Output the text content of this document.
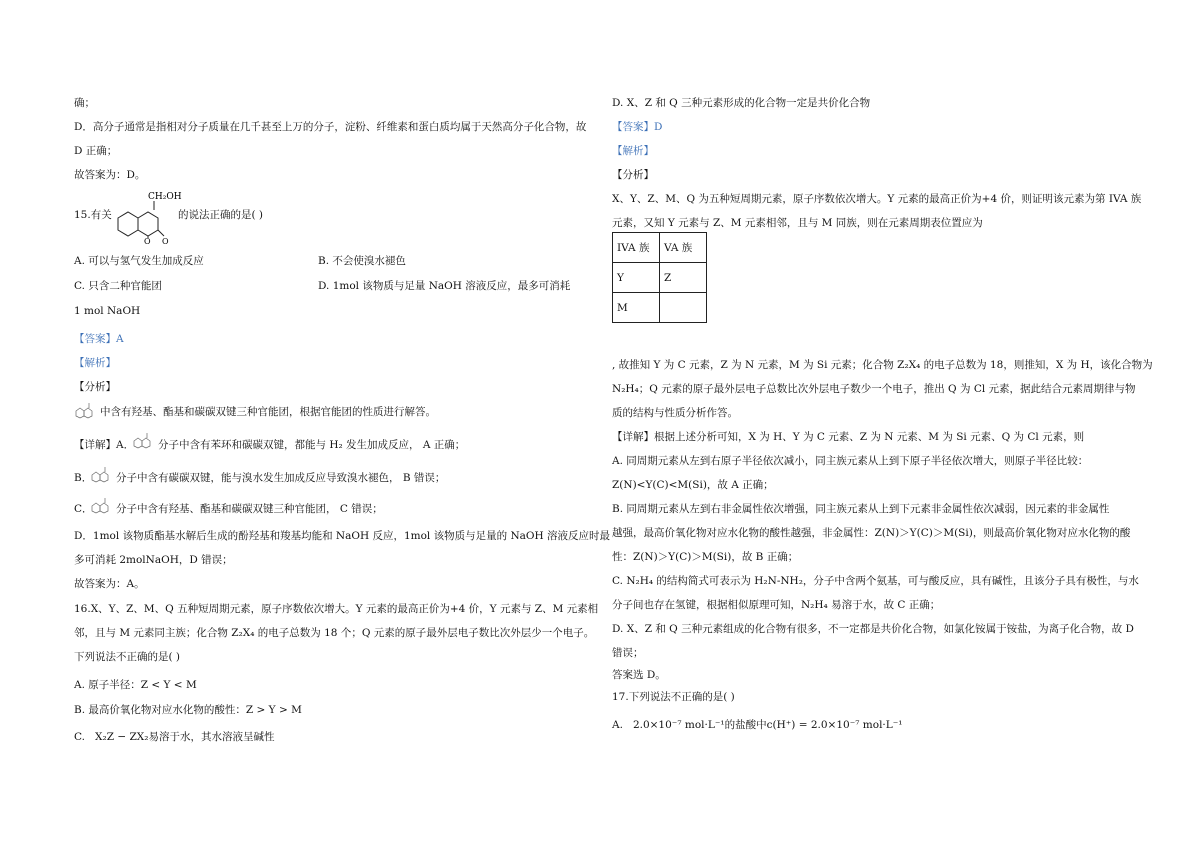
确；
D．高分子通常是指相对分子质量在几千甚至上万的分子，淀粉、纤维素和蛋白质均属于天然高分子化合物，故
D 正确；
故答案为：D。
15.有关
CH₂OH
O O
的说法正确的是( )
A. 可以与氢气发生加成反应	B. 不会使溴水褪色
C. 只含二种官能团	D. 1mol 该物质与足量 NaOH 溶液反应，最多可消耗
1 mol NaOH
【答案】A
【解析】
【分析】
中含有羟基、酯基和碳碳双键三种官能团，根据官能团的性质进行解答。
【详解】A． 分子中含有苯环和碳碳双键，都能与 H₂ 发生加成反应， A 正确；
B． 分子中含有碳碳双键，能与溴水发生加成反应导致溴水褪色， B 错误；
C． 分子中含有羟基、酯基和碳碳双键三种官能团， C 错误；
D．1mol 该物质酯基水解后生成的酚羟基和羧基均能和 NaOH 反应，1mol 该物质与足量的 NaOH 溶液反应时最
多可消耗 2molNaOH，D 错误；
故答案为：A。
16.X、Y、Z、M、Q 五种短周期元素，原子序数依次增大。Y 元素的最高正价为+4 价，Y 元素与 Z、M 元素相
邻，且与 M 元素同主族；化合物 Z₂X₄ 的电子总数为 18 个；Q 元素的原子最外层电子数比次外层少一个电子。
下列说法不正确的是( )
A. 原子半径：Z < Y < M
B. 最高价氧化物对应水化物的酸性：Z > Y > M
C.   X₂Z − ZX₂易溶于水，其水溶液呈碱性
D. X、Z 和 Q 三种元素形成的化合物一定是共价化合物
【答案】D
【解析】
【分析】
X、Y、Z、M、Q 为五种短周期元素，原子序数依次增大。Y 元素的最高正价为+4 价，则证明该元素为第 IVA 族
元素，又知 Y 元素与 Z、M 元素相邻，且与 M 同族，则在元素周期表位置应为
IVA 族	VA 族
Y	Z
M	
, 故推知 Y 为 C 元素，Z 为 N 元素，M 为 Si 元素；化合物 Z₂X₄ 的电子总数为 18，则推知，X 为 H，该化合物为
N₂H₄；Q 元素的原子最外层电子总数比次外层电子数少一个电子，推出 Q 为 Cl 元素，据此结合元素周期律与物
质的结构与性质分析作答。
【详解】根据上述分析可知，X 为 H、Y 为 C 元素、Z 为 N 元素、M 为 Si 元素、Q 为 Cl 元素，则
A. 同周期元素从左到右原子半径依次减小，同主族元素从上到下原子半径依次增大，则原子半径比较：
Z(N)<Y(C)<M(Si)，故 A 正确；
B. 同周期元素从左到右非金属性依次增强，同主族元素从上到下元素非金属性依次减弱，因元素的非金属性
越强，最高价氧化物对应水化物的酸性越强，非金属性：Z(N)＞Y(C)＞M(Si)，则最高价氧化物对应水化物的酸
性：Z(N)＞Y(C)＞M(Si)，故 B 正确；
C. N₂H₄ 的结构简式可表示为 H₂N-NH₂，分子中含两个氨基，可与酸反应，具有碱性，且该分子具有极性，与水
分子间也存在氢键，根据相似原理可知，N₂H₄ 易溶于水，故 C 正确；
D. X、Z 和 Q 三种元素组成的化合物有很多，不一定都是共价化合物，如氯化铵属于铵盐，为离子化合物，故 D
错误；
答案选 D。
17.下列说法不正确的是( )
A. 2.0×10⁻⁷ mol·L⁻¹的盐酸中c(H⁺) = 2.0×10⁻⁷ mol·L⁻¹
